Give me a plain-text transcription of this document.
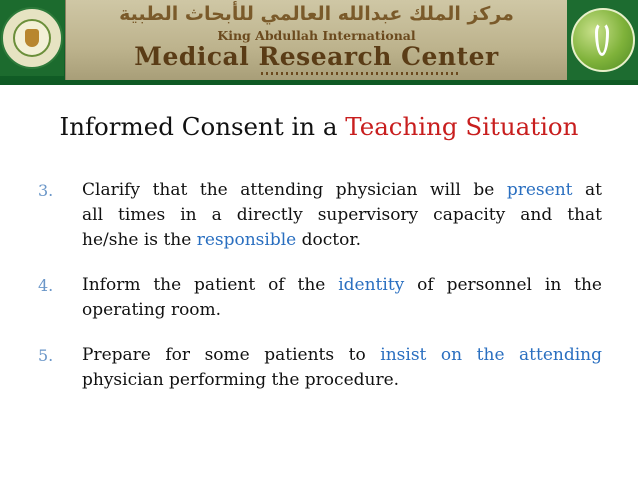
مركز الملك عبدالله العالمي للأبحاث الطبية
King Abdullah International
Medical Research Center
Informed Consent in a Teaching Situation
3.	Clarify that the attending physician will be present at
all times in a directly supervisory capacity and that
he/she is the responsible doctor.
4.	Inform the patient of the identity of personnel in the
operating room.
5.	Prepare for some patients to insist on the attending
physician performing the procedure.
